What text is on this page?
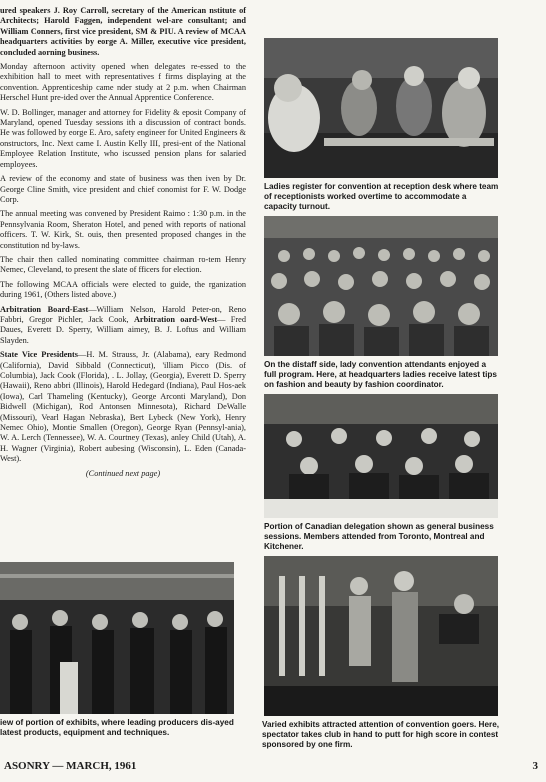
ured speakers J. Roy Carroll, secretary of the American nstitute of Architects; Harold Faggen, independent wel-are consultant; and William Conners, first vice president, SM & PIU. A review of MCAA headquarters activities by eorge A. Miller, executive vice president, concluded aorning business.

Monday afternoon activity opened when delegates re-essed to the exhibition hall to meet with representatives f firms displaying at the convention. Apprenticeship came nder study at 2 p.m. when Chairman Herschel Hunt pre-ided over the Annual Apprentice Conference.

W. D. Bollinger, manager and attorney for Fidelity & eposit Company of Maryland, opened Tuesday sessions ith a discussion of contract bonds. He was followed by eorge E. Aro, safety engineer for United Engineers & onstructors, Inc. Next came I. Austin Kelly III, presi-ent of the National Employee Relation Institute, who iscussed pension plans for salaried employees.

A review of the economy and state of business was then iven by Dr. George Cline Smith, vice president and chief conomist for F. W. Dodge Corp.

The annual meeting was convened by President Raimo : 1:30 p.m. in the Pennsylvania Room, Sheraton Hotel, and pened with reports of national officers. T. W. Kirk, St. ouis, then presented proposed changes in the constitution nd by-laws.

The chair then called nominating committee chairman ro-tem Henry Nemec, Cleveland, to present the slate of fficers for election.

The following MCAA officials were elected to guide, the rganization during 1961, (Others listed above.)

Arbitration Board-East—William Nelson, Harold Peter-on, Reno Fabbri, Gregor Pichler, Jack Cook, Arbitration oard-West— Fred Daues, Everett D. Sperry, William aimey, B. J. Loftus and William Slayden.

State Vice Presidents—H. M. Strauss, Jr. (Alabama), eary Redmond (California), David Sibbald (Connecticut), 'illiam Picco (Dis. of Columbia), Jack Cook (Florida), . L. Jollay, (Georgia), Everett D. Sperry (Hawaii), Reno abbri (Illinois), Harold Hedegard (Indiana), Paul Hos-aek (Iowa), Carl Thameling (Kentucky), George Arconti Maryland), Don Bidwell (Michigan), Rod Antonsen Minnesota), Richard DeWalle (Missouri), Vearl Hagan Nebraska), Bert Lybeck (New York), Henry Nemec Ohio), Montie Smallen (Oregon), George Ryan (Pennsyl-ania), W. A. Lerch (Tennessee), W. A. Courtney (Texas), anley Child (Utah), A. H. Wagner (Virginia), Robert aubesing (Wisconsin), L. Eden (Canada-West).

(Continued next page)
Ladies register for convention at reception desk where team of receptionists worked overtime to accommodate a capacity turnout.
On the distaff side, lady convention attendants enjoyed a full program. Here, at headquarters ladies receive latest tips on fashion and beauty by fashion coordinator.
Portion of Canadian delegation shown as general business sessions. Members attended from Toronto, Montreal and Kitchener.
iew of portion of exhibits, where leading producers dis-ayed latest products, equipment and techniques.
Varied exhibits attracted attention of convention goers. Here, spectator takes club in hand to putt for high score in contest sponsored by one firm.
ASONRY — MARCH, 1961	3
